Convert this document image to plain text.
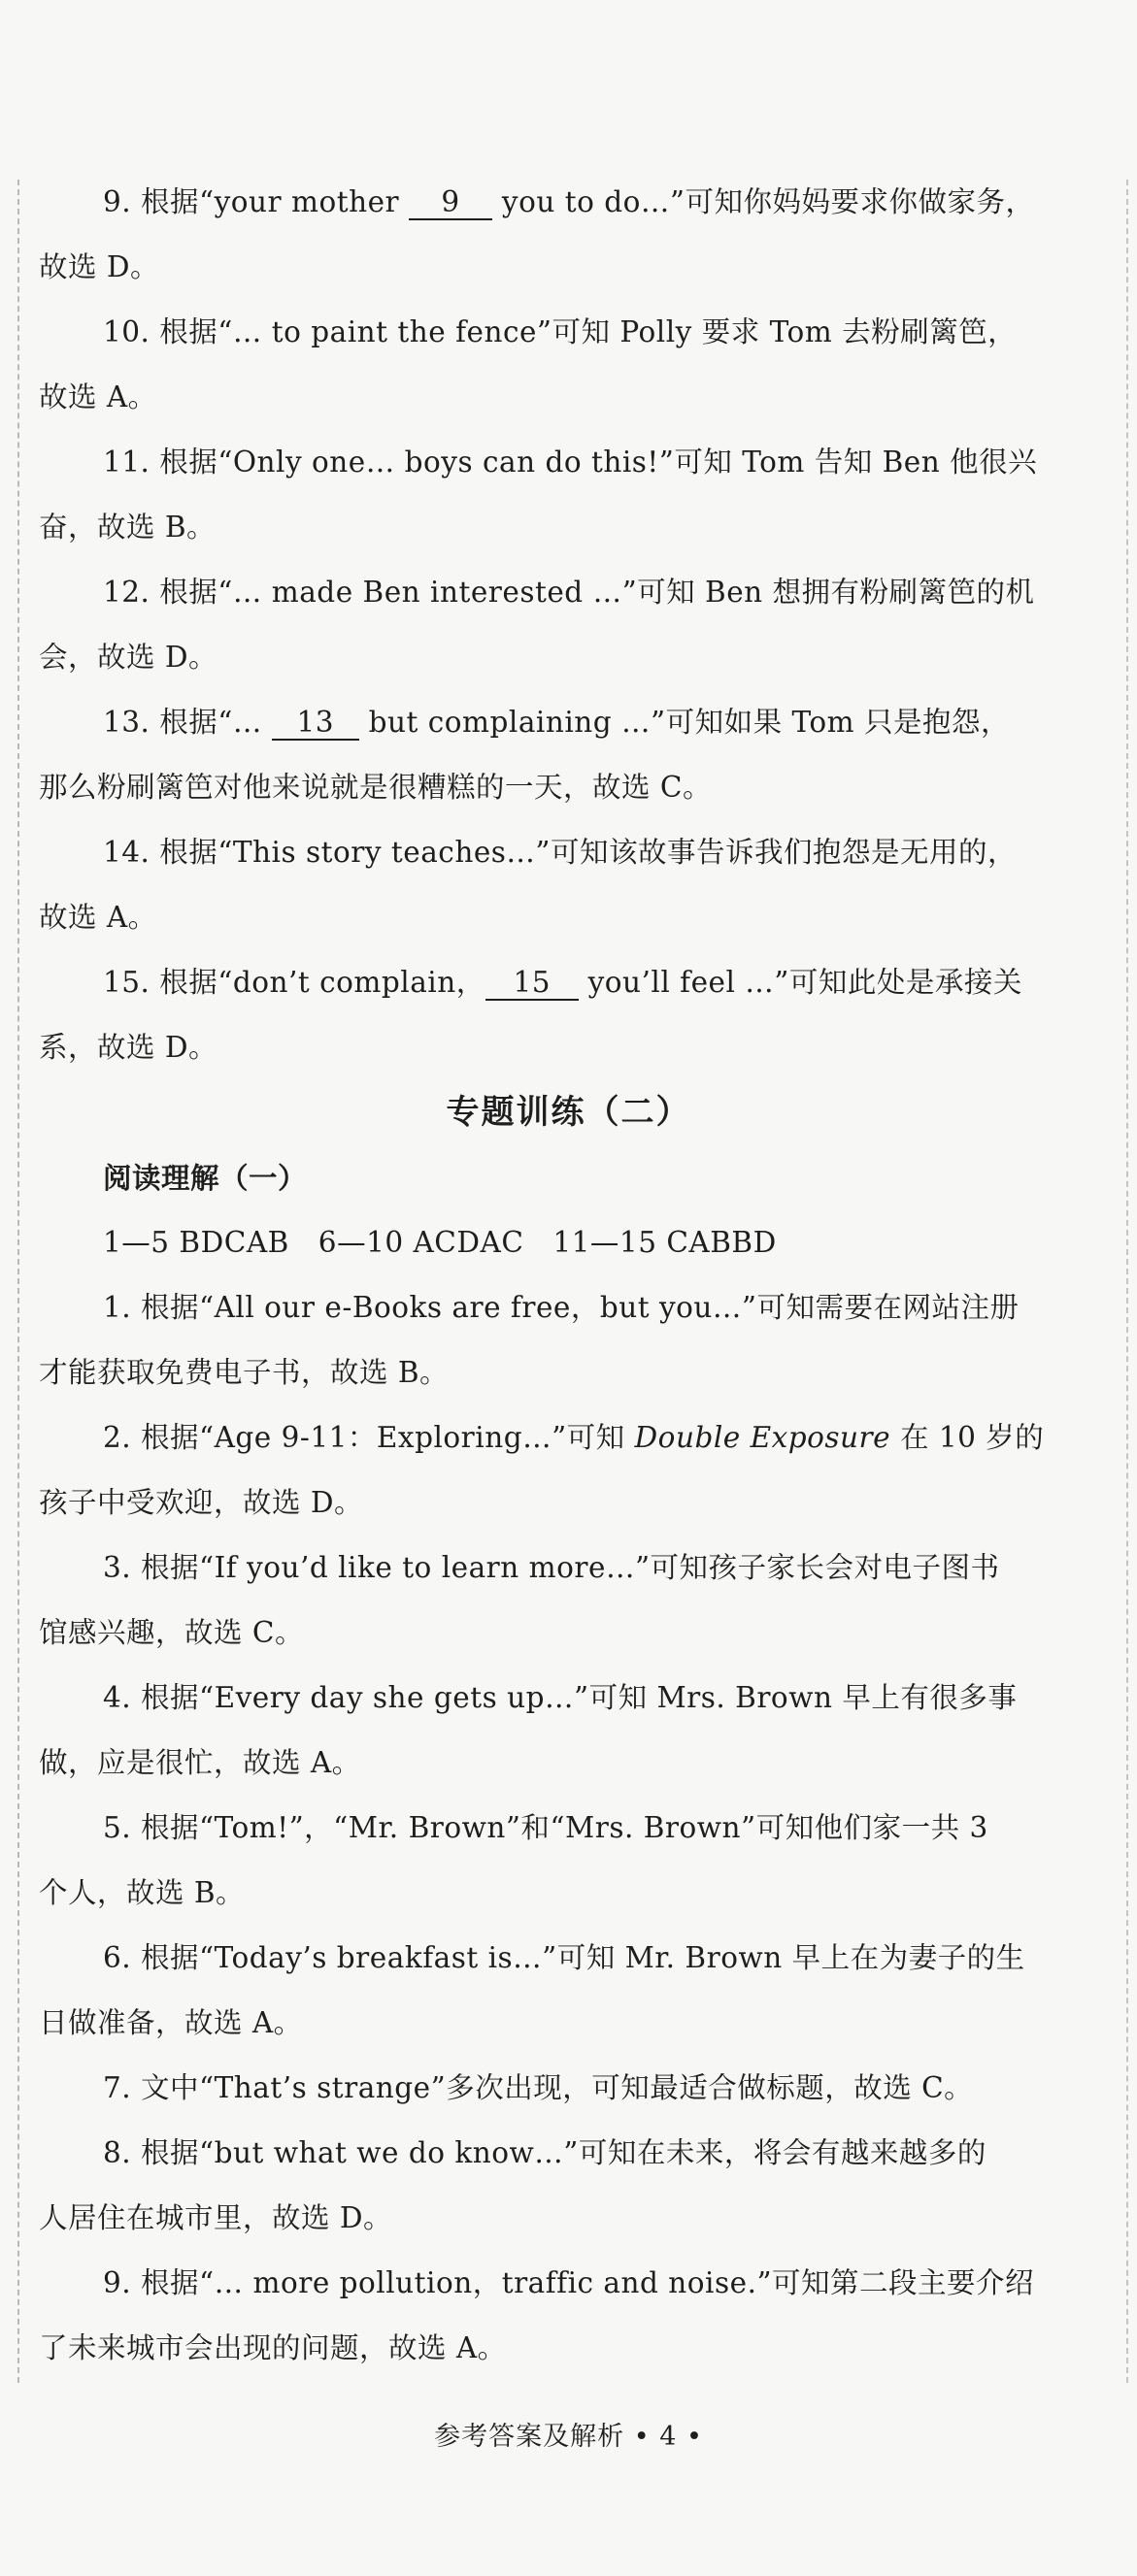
9. 根据“your mother 9 you to do…”可知你妈妈要求你做家务，
故选 D。
10. 根据“… to paint the fence”可知 Polly 要求 Tom 去粉刷篱笆，
故选 A。
11. 根据“Only one… boys can do this!”可知 Tom 告知 Ben 他很兴
奋，故选 B。
12. 根据“… made Ben interested …”可知 Ben 想拥有粉刷篱笆的机
会，故选 D。
13. 根据“… 13 but complaining …”可知如果 Tom 只是抱怨，
那么粉刷篱笆对他来说就是很糟糕的一天，故选 C。
14. 根据“This story teaches…”可知该故事告诉我们抱怨是无用的，
故选 A。
15. 根据“don’t complain， 15 you’ll feel …”可知此处是承接关
系，故选 D。
专题训练（二）
阅读理解（一）
1—5 BDCAB　6—10 ACDAC　11—15 CABBD
1. 根据“All our e-Books are free，but you…”可知需要在网站注册
才能获取免费电子书，故选 B。
2. 根据“Age 9-11：Exploring…”可知 Double Exposure 在 10 岁的
孩子中受欢迎，故选 D。
3. 根据“If you’d like to learn more…”可知孩子家长会对电子图书
馆感兴趣，故选 C。
4. 根据“Every day she gets up…”可知 Mrs. Brown 早上有很多事
做，应是很忙，故选 A。
5. 根据“Tom!”，“Mr. Brown”和“Mrs. Brown”可知他们家一共 3
个人，故选 B。
6. 根据“Today’s breakfast is…”可知 Mr. Brown 早上在为妻子的生
日做准备，故选 A。
7. 文中“That’s strange”多次出现，可知最适合做标题，故选 C。
8. 根据“but what we do know…”可知在未来，将会有越来越多的
人居住在城市里，故选 D。
9. 根据“… more pollution，traffic and noise.”可知第二段主要介绍
了未来城市会出现的问题，故选 A。
参考答案及解析 • 4 •
